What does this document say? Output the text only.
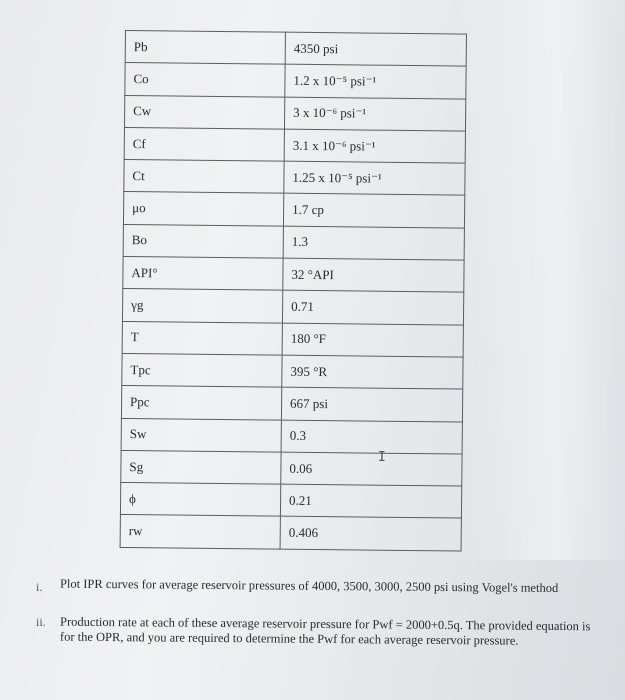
Pb	4350 psi
Co	1.2 x 10⁻⁵ psi⁻¹
Cw	3 x 10⁻⁶ psi⁻¹
Cf	3.1 x 10⁻⁶ psi⁻¹
Ct	1.25 x 10⁻⁵ psi⁻¹
μo	1.7 cp
Bo	1.3
API°	32 °API
γg	0.71
T	180 °F
Tpc	395 °R
Ppc	667 psi
Sw	0.3
Sg	0.06
ϕ	0.21
rw	0.406
I
i. Plot IPR curves for average reservoir pressures of 4000, 3500, 3000, 2500 psi using Vogel's method
ii. Production rate at each of these average reservoir pressure for Pwf = 2000+0.5q. The provided equation is for the OPR, and you are required to determine the Pwf for each average reservoir pressure.
